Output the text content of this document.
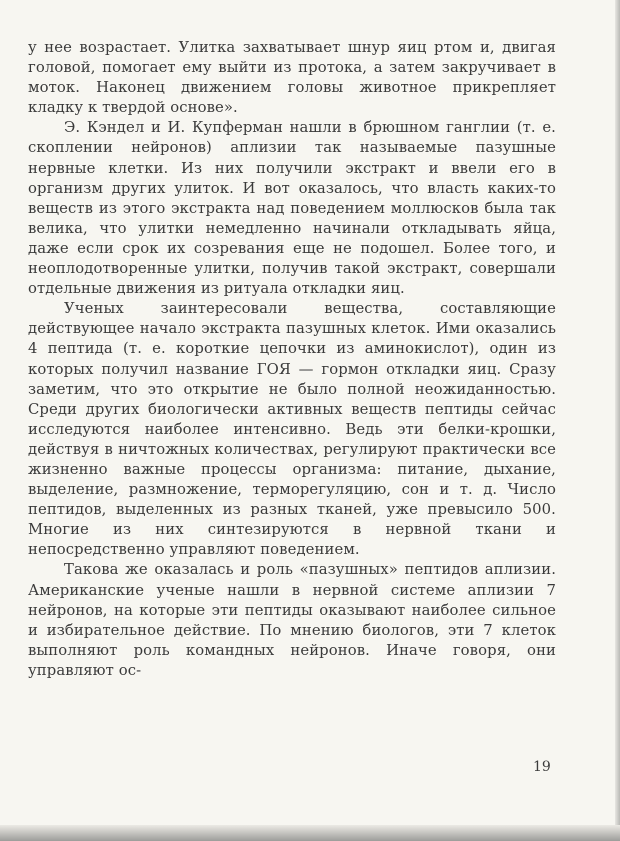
у нее возрастает. Улитка захватывает шнур яиц ртом и, двигая головой, помогает ему выйти из протока, а затем закручивает в моток. Наконец движением головы животное прикрепляет кладку к твердой основе».

Э. Кэндел и И. Купферман нашли в брюшном ганглии (т. е. скоплении нейронов) аплизии так называемые пазушные нервные клетки. Из них получили экстракт и ввели его в организм других улиток. И вот оказалось, что власть каких-то веществ из этого экстракта над поведением моллюсков была так велика, что улитки немедленно начинали откладывать яйца, даже если срок их созревания еще не подошел. Более того, и неоплодотворенные улитки, получив такой экстракт, совершали отдельные движения из ритуала откладки яиц.

Ученых заинтересовали вещества, составляющие действующее начало экстракта пазушных клеток. Ими оказались 4 пептида (т. е. короткие цепочки из аминокислот), один из которых получил название ГОЯ — гормон откладки яиц. Сразу заметим, что это открытие не было полной неожиданностью. Среди других биологически активных веществ пептиды сейчас исследуются наиболее интенсивно. Ведь эти белки-крошки, действуя в ничтожных количествах, регулируют практически все жизненно важные процессы организма: питание, дыхание, выделение, размножение, терморегуляцию, сон и т. д. Число пептидов, выделенных из разных тканей, уже превысило 500. Многие из них синтезируются в нервной ткани и непосредственно управляют поведением.

Такова же оказалась и роль «пазушных» пептидов аплизии. Американские ученые нашли в нервной системе аплизии 7 нейронов, на которые эти пептиды оказывают наиболее сильное и избирательное действие. По мнению биологов, эти 7 клеток выполняют роль командных нейронов. Иначе говоря, они управляют ос-

19
